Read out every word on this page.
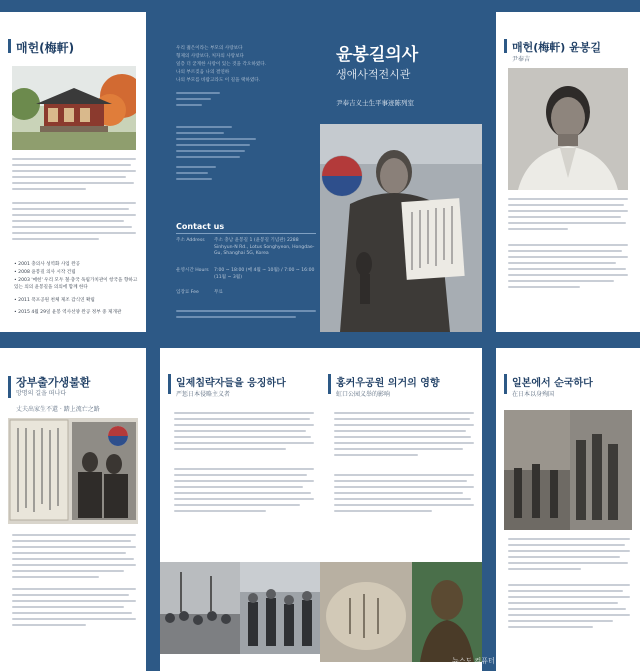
매헌(梅軒)
• 2001 충의사 성역화 사업 완공
• 2008 윤봉길 의사 시작 건립
• 2003 '매헌' 우리 모두 철·충국 독립가치관이 항국을 향하고 있는 의의 윤봉길을 의의에 함께 한다
• 2011 폭포공원 천체 제조 감식연 확립
• 2015 4월 29일 윤봉 역사선양 완공 정부 중 제개관
우리 젊은이라는 부모의 사랑보다
형제의 사랑보다, 처자의 사랑보다
일층 더 굳게한 사랑이 있는 것을 각오하였다.
나의 부르짖음 나의 결연하
나의 부모를 바랍고라도 이 길을 택하였다.
Contact us
주소 Address	주소 충남 윤봉길 1 (윤봉길 기념관) 2288 Sinhyun-N Rd., Lotus Songhyeon, Hongdae-Gu, Shanghai 5G, Korea
운영시간 Hours	7:00 ~ 18:00 (매 4월 ~ 10월) / 7:00 ~ 16:00 (11월 ~ 3월)
입장료 Fee	무료
윤봉길의사
생애사적전시관
尹奉吉义士生平事迹陈列室
매헌(梅軒) 윤봉길
尹奉吉
장부출가생불환
망명의 길을 떠나다
丈夫出家生不還 · 踏上流亡之路
일제침략자들을 응징하다
严惩日本侵略主义者
홍커우공원 의거의 영향
虹口公园义举的影响
일본에서 순국하다
在日本以身殉国
뉴스도 컴퓨터 입고인 뉴스가 보인다
